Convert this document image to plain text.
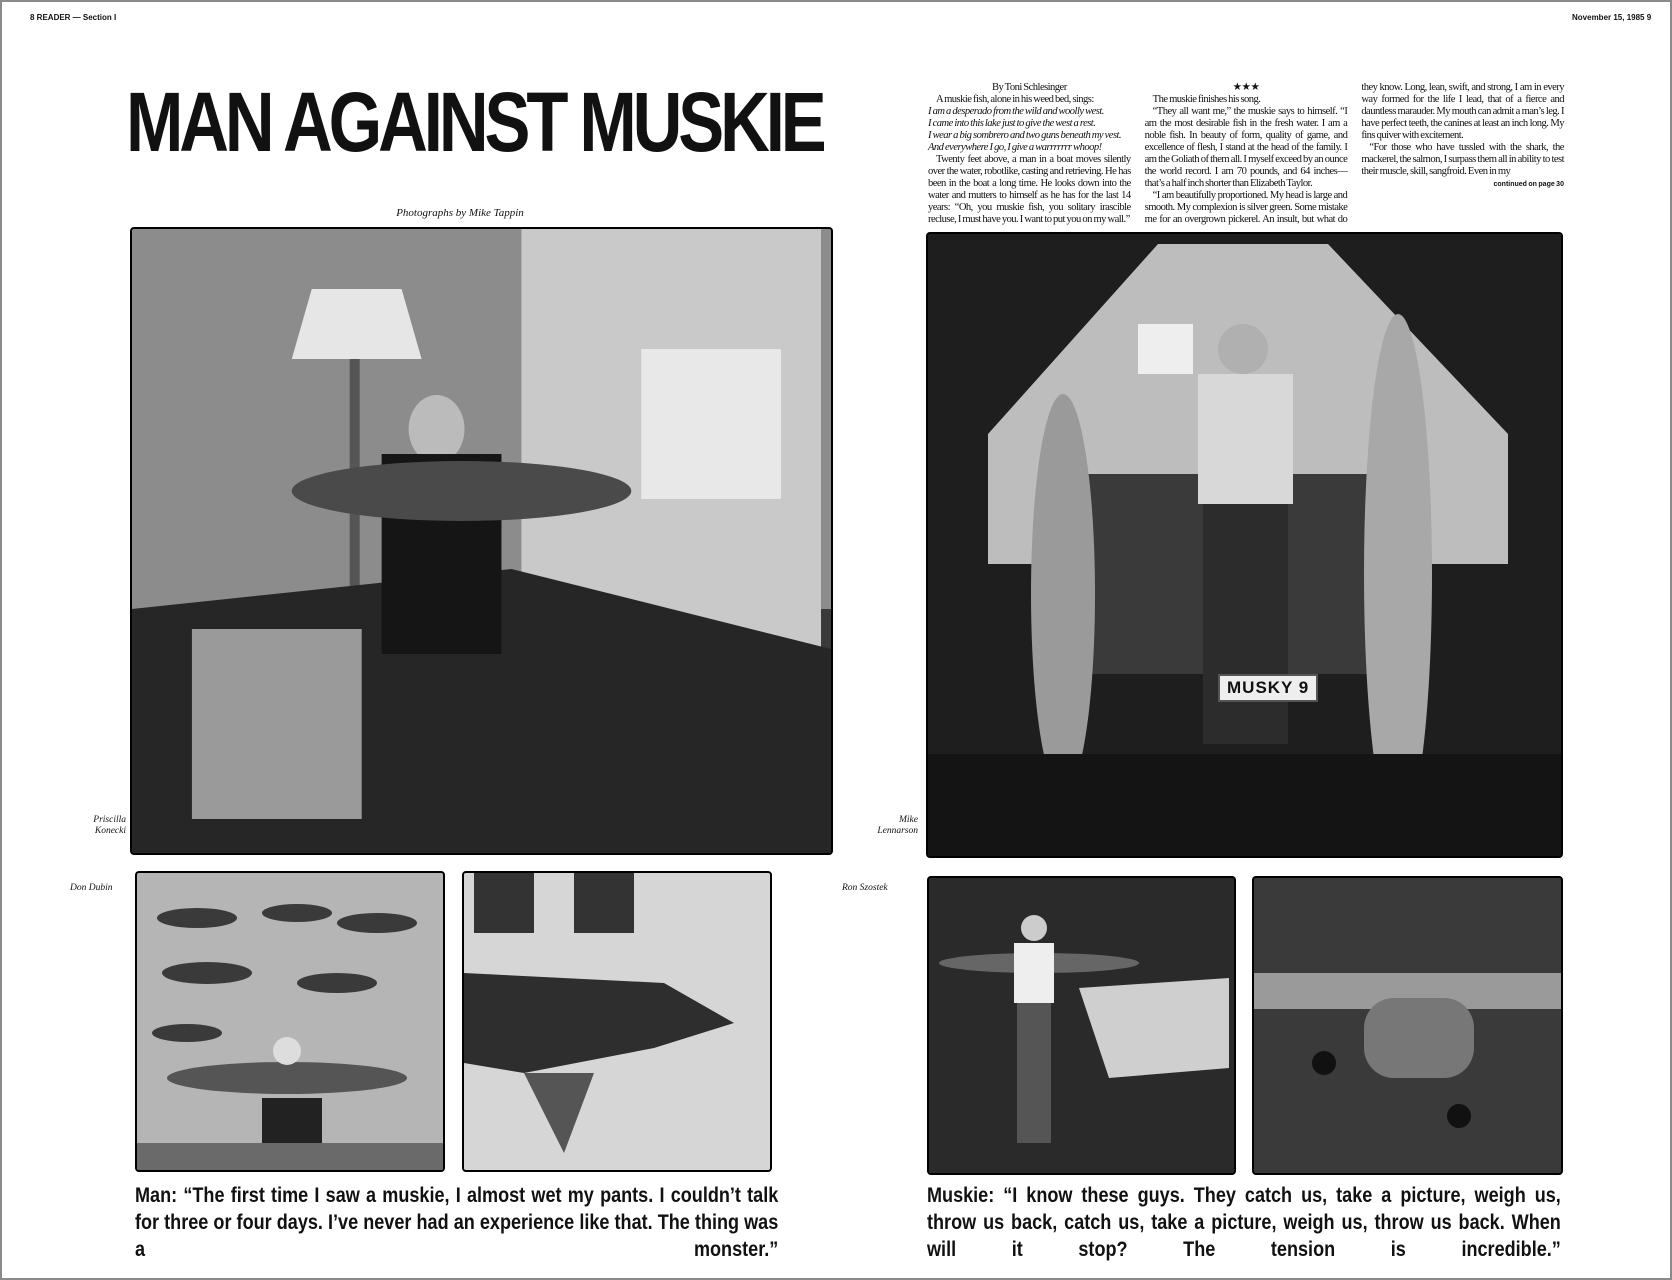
8 READER — Section I	November 15, 1985 9
MAN AGAINST MUSKIE
Photographs by Mike Tappin
Priscilla Konecki
Don Dubin
Man: “The first time I saw a muskie, I almost wet my pants. I couldn’t talk for three or four days. I’ve never had an experience like that. The thing was a monster.”

By Toni Schlesinger

A muskie fish, alone in his weed bed, sings:

I am a desperado from the wild and woolly west.

I came into this lake just to give the west a rest.

I wear a big sombrero and two guns beneath my vest.

And everywhere I go, I give a warrrrrrr whoop!

Twenty feet above, a man in a boat moves silently over the water, robotlike, casting and retrieving. He has been in the boat a long time. He looks down into the water and mutters to himself as he has for the last 14 years: “Oh, you muskie fish, you solitary irascible recluse, I must have you. I want to put you on my wall.”

★★★

The muskie finishes his song.

“They all want me,” the muskie says to himself. “I am the most desirable fish in the fresh water. I am a noble fish. In beauty of form, quality of game, and excellence of flesh, I stand at the head of the family. I am the Goliath of them all. I myself exceed by an ounce the world record. I am 70 pounds, and 64 inches—that’s a half inch shorter than Elizabeth Taylor.

“I am beautifully proportioned. My head is large and smooth. My complexion is silver green. Some mistake me for an overgrown pickerel. An insult, but what do they know. Long, lean, swift, and strong, I am in every way formed for the life I lead, that of a fierce and dauntless marauder. My mouth can admit a man’s leg. I have perfect teeth, the canines at least an inch long. My fins quiver with excitement.

“For those who have tussled with the shark, the mackerel, the salmon, I surpass them all in ability to test their muscle, skill, sangfroid. Even in my

continued on page 30
MUSKY 9
Mike Lennarson
Ron Szostek
Muskie: “I know these guys. They catch us, take a picture, weigh us, throw us back, catch us, take a picture, weigh us, throw us back. When will it stop? The tension is incredible.”
